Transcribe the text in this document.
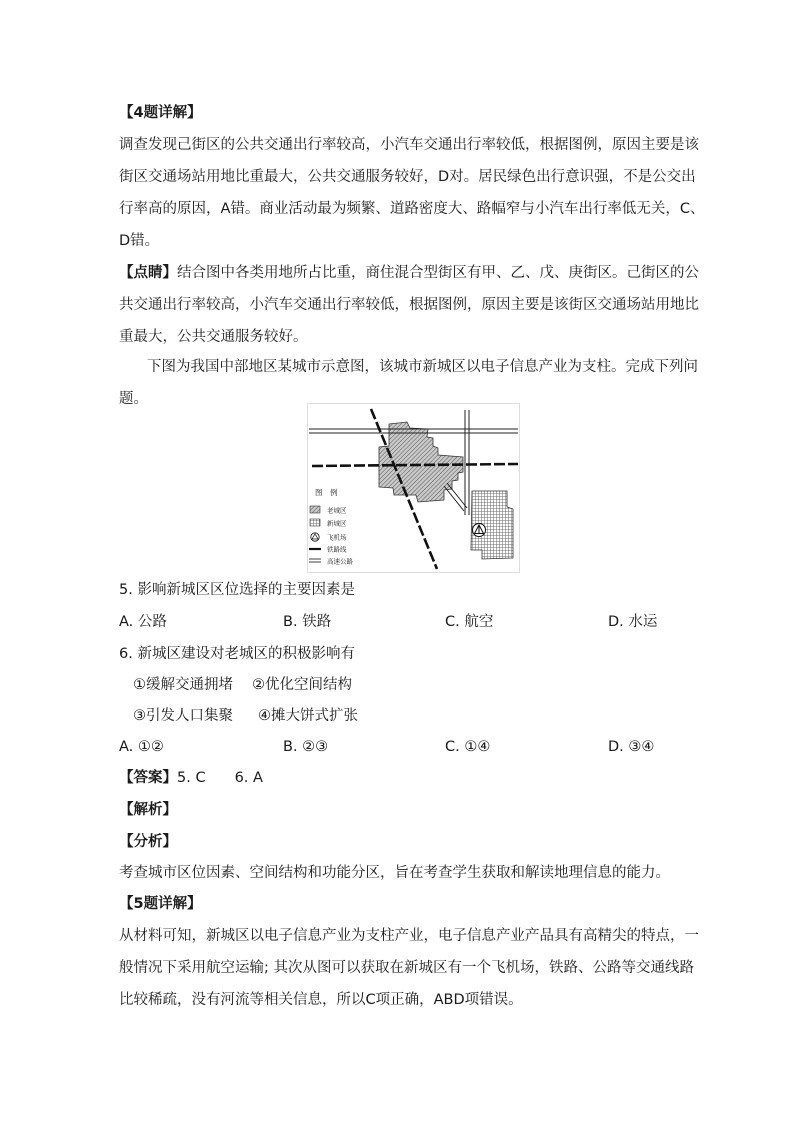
【4题详解】
调查发现己街区的公共交通出行率较高，小汽车交通出行率较低，根据图例，原因主要是该
街区交通场站用地比重最大，公共交通服务较好，D对。居民绿色出行意识强，不是公交出
行率高的原因，A错。商业活动最为频繁、道路密度大、路幅窄与小汽车出行率低无关，C、
D错。
【点睛】结合图中各类用地所占比重，商住混合型街区有甲、乙、戊、庚街区。己街区的公
共交通出行率较高，小汽车交通出行率较低，根据图例，原因主要是该街区交通场站用地比
重最大，公共交通服务较好。
下图为我国中部地区某城市示意图，该城市新城区以电子信息产业为支柱。完成下列问
题。
图　例
老城区
新城区
飞机场
铁路线
高速公路
5. 影响新城区区位选择的主要因素是
A. 公路	B. 铁路	C. 航空	D. 水运
6. 新城区建设对老城区的积极影响有
①缓解交通拥堵 ②优化空间结构
③引发人口集聚 ④摊大饼式扩张
A. ①②	B. ②③	C. ①④	D. ③④
【答案】5. C　　6. A
【解析】
【分析】
考查城市区位因素、空间结构和功能分区，旨在考查学生获取和解读地理信息的能力。
【5题详解】
从材料可知，新城区以电子信息产业为支柱产业，电子信息产业产品具有高精尖的特点，一
般情况下采用航空运输; 其次从图可以获取在新城区有一个飞机场，铁路、公路等交通线路
比较稀疏，没有河流等相关信息，所以C项正确，ABD项错误。
